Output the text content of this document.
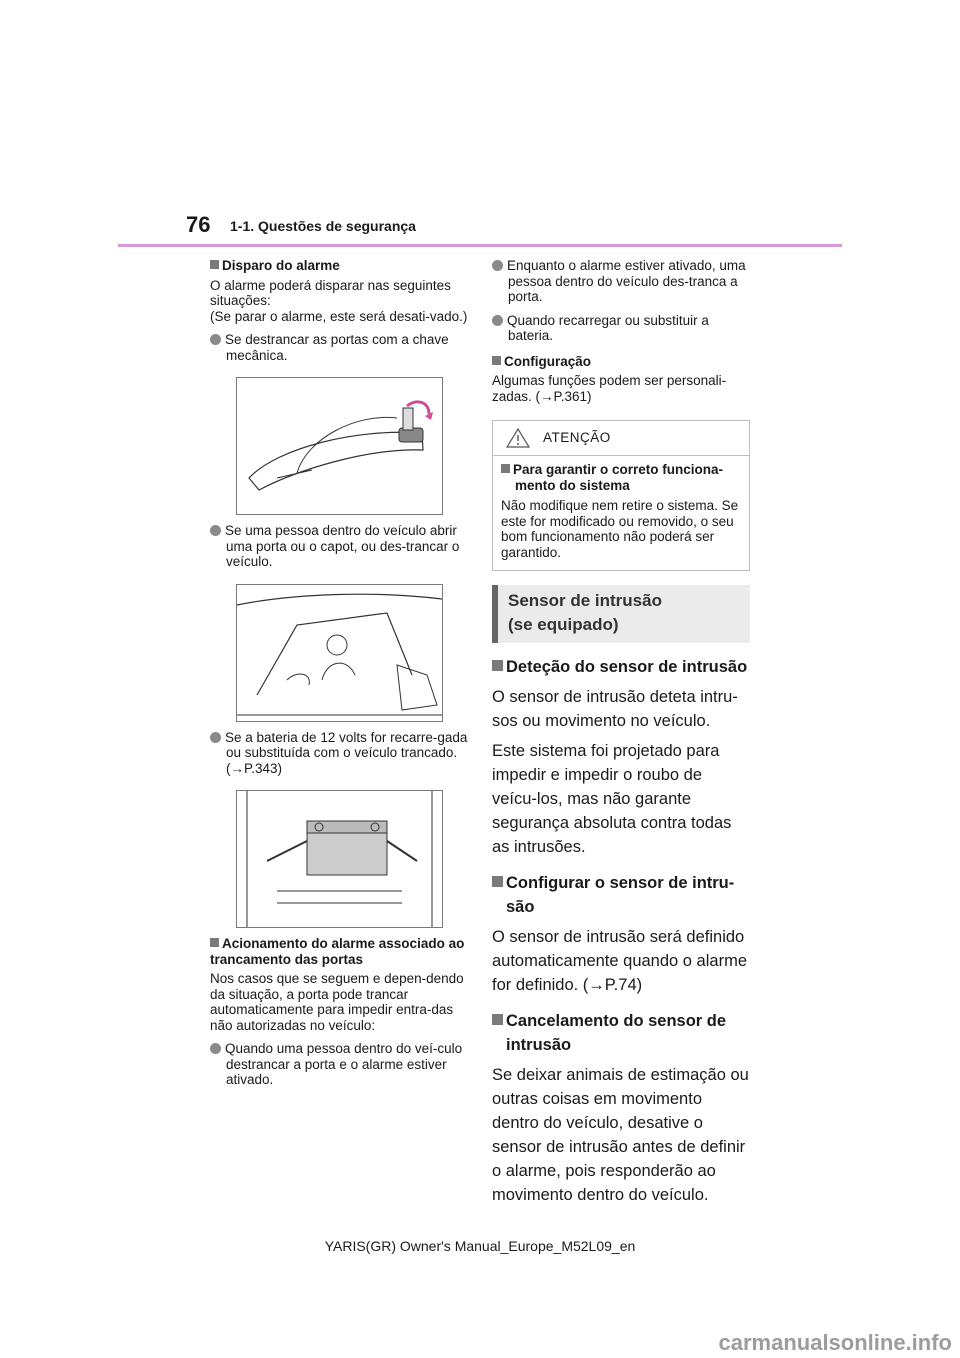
76 1-1. Questões de segurança
Disparo do alarme
O alarme poderá disparar nas seguintes situações:
(Se parar o alarme, este será desati-vado.)
Se destrancar as portas com a chave mecânica.
Se uma pessoa dentro do veículo abrir uma porta ou o capot, ou des-trancar o veículo.
Se a bateria de 12 volts for recarre-gada ou substituída com o veículo trancado. (→P.343)
Acionamento do alarme associado ao trancamento das portas
Nos casos que se seguem e depen-dendo da situação, a porta pode trancar automaticamente para impedir entra-das não autorizadas no veículo:
Quando uma pessoa dentro do veí-culo destrancar a porta e o alarme estiver ativado.
Enquanto o alarme estiver ativado, uma pessoa dentro do veículo des-tranca a porta.
Quando recarregar ou substituir a bateria.
Configuração
Algumas funções podem ser personali-zadas. (→P.361)
ATENÇÃO
Para garantir o correto funciona-mento do sistema
Não modifique nem retire o sistema. Se este for modificado ou removido, o seu bom funcionamento não poderá ser garantido.
Sensor de intrusão
(se equipado)
Deteção do sensor de intrusão
O sensor de intrusão deteta intru-sos ou movimento no veículo.
Este sistema foi projetado para impedir e impedir o roubo de veícu-los, mas não garante segurança absoluta contra todas as intrusões.
Configurar o sensor de intru-são
O sensor de intrusão será definido automaticamente quando o alarme for definido. (→P.74)
Cancelamento do sensor de intrusão
Se deixar animais de estimação ou outras coisas em movimento dentro do veículo, desative o sensor de intrusão antes de definir o alarme, pois responderão ao movimento dentro do veículo.
YARIS(GR) Owner's Manual_Europe_M52L09_en
carmanualsonline.info
